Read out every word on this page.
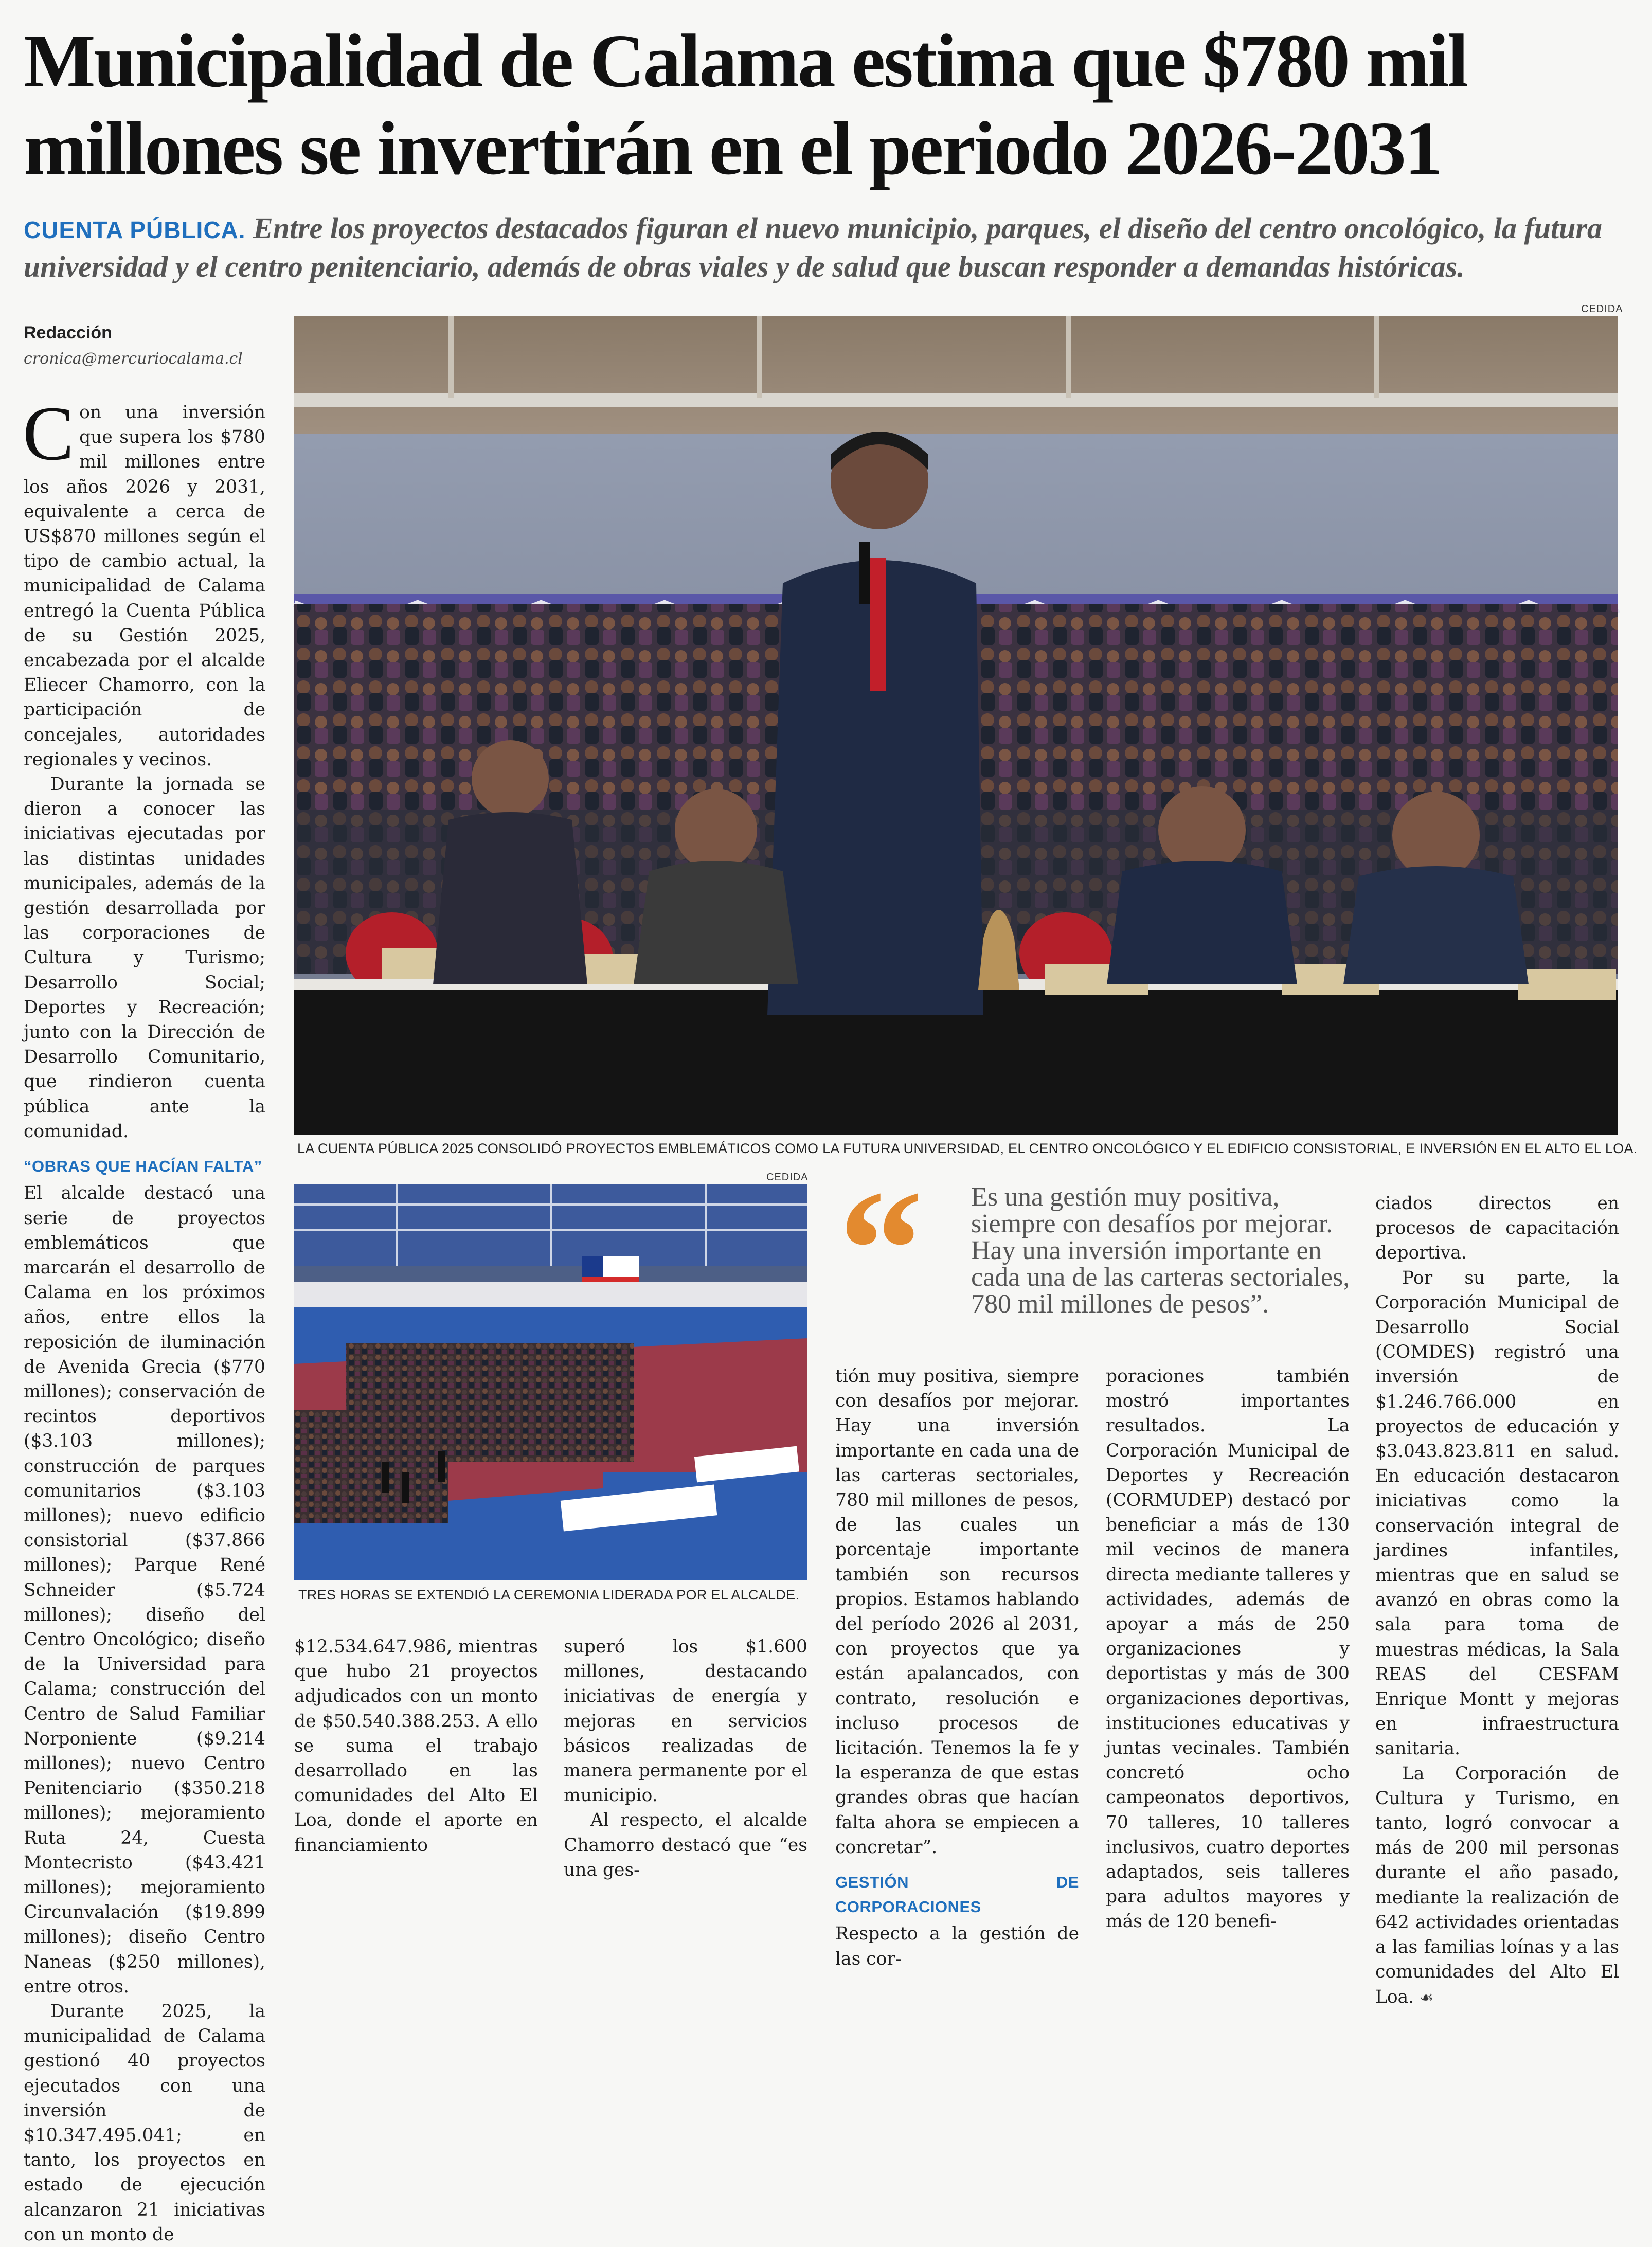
Municipalidad de Calama estima que $780 mil millones se invertirán en el periodo 2026-2031
CUENTA PÚBLICA. Entre los proyectos destacados figuran el nuevo municipio, parques, el diseño del centro oncológico, la futura universidad y el centro penitenciario, además de obras viales y de salud que buscan responder a demandas históricas.
Redacción
cronica@mercuriocalama.cl

Con una inversión que supera los $780 mil millones entre los años 2026 y 2031, equivalente a cerca de US$870 millones según el tipo de cambio actual, la municipalidad de Calama entregó la Cuenta Pública de su Gestión 2025, encabezada por el alcalde Eliecer Chamorro, con la participación de concejales, autoridades regionales y vecinos.

Durante la jornada se dieron a conocer las iniciativas ejecutadas por las distintas unidades municipales, además de la gestión desarrollada por las corporaciones de Cultura y Turismo; Desarrollo Social; Deportes y Recreación; junto con la Dirección de Desarrollo Comunitario, que rindieron cuenta pública ante la comunidad.

“OBRAS QUE HACÍAN FALTA”

El alcalde destacó una serie de proyectos emblemáticos que marcarán el desarrollo de Calama en los próximos años, entre ellos la reposición de iluminación de Avenida Grecia ($770 millones); conservación de recintos deportivos ($3.103 millones); construcción de parques comunitarios ($3.103 millones); nuevo edificio consistorial ($37.866 millones); Parque René Schneider ($5.724 millones); diseño del Centro Oncológico; diseño de la Universidad para Calama; construcción del Centro de Salud Familiar Norponiente ($9.214 millones); nuevo Centro Penitenciario ($350.218 millones); mejoramiento Ruta 24, Cuesta Montecristo ($43.421 millones); mejoramiento Circunvalación ($19.899 millones); diseño Centro Naneas ($250 millones), entre otros.

Durante 2025, la municipalidad de Calama gestionó 40 proyectos ejecutados con una inversión de $10.347.495.041; en tanto, los proyectos en estado de ejecución alcanzaron 21 iniciativas con un monto de

CEDIDA
LA CUENTA PÚBLICA 2025 CONSOLIDÓ PROYECTOS EMBLEMÁTICOS COMO LA FUTURA UNIVERSIDAD, EL CENTRO ONCOLÓGICO Y EL EDIFICIO CONSISTORIAL, E INVERSIÓN EN EL ALTO EL LOA.
CEDIDA
TRES HORAS SE EXTENDIÓ LA CEREMONIA LIDERADA POR EL ALCALDE.
$12.534.647.986, mientras que hubo 21 proyectos adjudicados con un monto de $50.540.388.253. A ello se suma el trabajo desarrollado en las comunidades del Alto El Loa, donde el aporte en financiamiento

superó los $1.600 millones, destacando iniciativas de energía y mejoras en servicios básicos realizadas de manera permanente por el municipio.

Al respecto, el alcalde Chamorro destacó que “es una ges-

“ Es una gestión muy positiva, siempre con desafíos por mejorar. Hay una inversión importante en cada una de las carteras sectoriales, 780 mil millones de pesos”.

tión muy positiva, siempre con desafíos por mejorar. Hay una inversión importante en cada una de las carteras sectoriales, 780 mil millones de pesos, de las cuales un porcentaje importante también son recursos propios. Estamos hablando del período 2026 al 2031, con proyectos que ya están apalancados, con contrato, resolución e incluso procesos de licitación. Tenemos la fe y la esperanza de que estas grandes obras que hacían falta ahora se empiecen a concretar”.

GESTIÓN DE CORPORACIONES

Respecto a la gestión de las cor-

poraciones también mostró importantes resultados. La Corporación Municipal de Deportes y Recreación (CORMUDEP) destacó por beneficiar a más de 130 mil vecinos de manera directa mediante talleres y actividades, además de apoyar a más de 250 organizaciones y deportistas y más de 300 organizaciones deportivas, instituciones educativas y juntas vecinales. También concretó ocho campeonatos deportivos, 70 talleres, 10 talleres inclusivos, cuatro deportes adaptados, seis talleres para adultos mayores y más de 120 benefi-

ciados directos en procesos de capacitación deportiva.

Por su parte, la Corporación Municipal de Desarrollo Social (COMDES) registró una inversión de $1.246.766.000 en proyectos de educación y $3.043.823.811 en salud. En educación destacaron iniciativas como la conservación integral de jardines infantiles, mientras que en salud se avanzó en obras como la sala para toma de muestras médicas, la Sala REAS del CESFAM Enrique Montt y mejoras en infraestructura sanitaria.

La Corporación de Cultura y Turismo, en tanto, logró convocar a más de 200 mil personas durante el año pasado, mediante la realización de 642 actividades orientadas a las familias loínas y a las comunidades del Alto El Loa. ☙
